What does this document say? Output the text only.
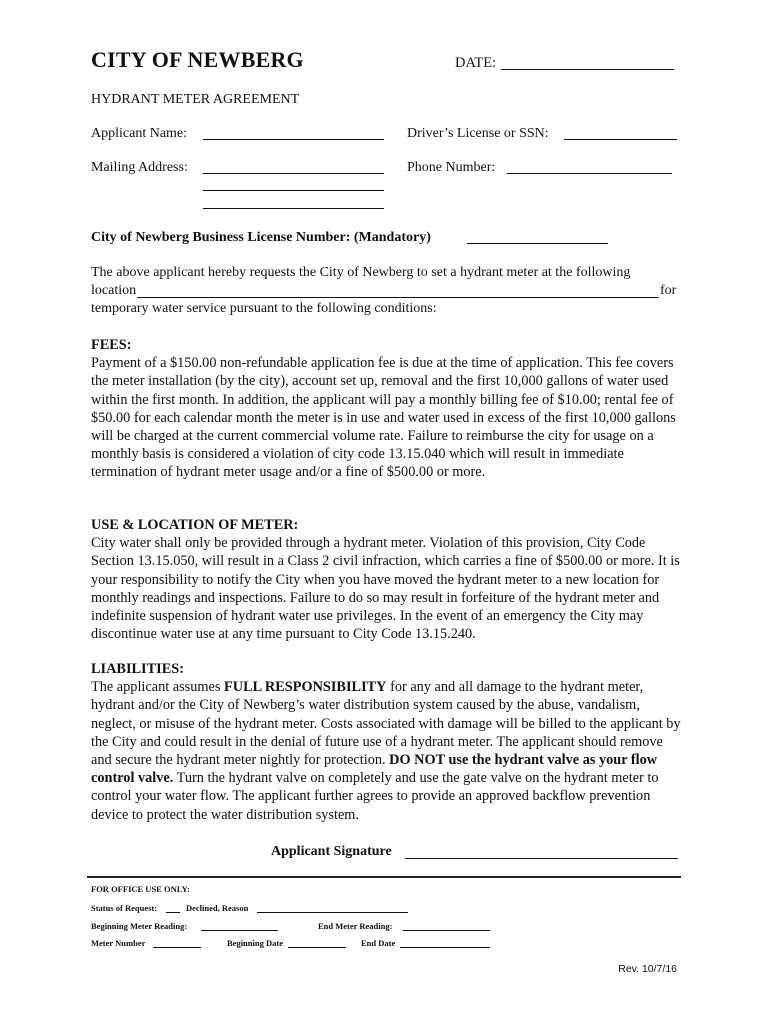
CITY OF NEWBERG	DATE:
HYDRANT METER AGREEMENT
Applicant Name:	Driver’s License or SSN:
Mailing Address:	Phone Number:
City of Newberg Business License Number: (Mandatory)
The above applicant hereby requests the City of Newberg to set a hydrant meter at the following
location	for
temporary water service pursuant to the following conditions:

FEES:

Payment of a $150.00 non-refundable application fee is due at the time of application. This fee covers the meter installation (by the city), account set up, removal and the first 10,000 gallons of water used within the first month. In addition, the applicant will pay a monthly billing fee of $10.00; rental fee of $50.00 for each calendar month the meter is in use and water used in excess of the first 10,000 gallons will be charged at the current commercial volume rate. Failure to reimburse the city for usage on a monthly basis is considered a violation of city code 13.15.040 which will result in immediate termination of hydrant meter usage and/or a fine of $500.00 or more.

USE & LOCATION OF METER:

City water shall only be provided through a hydrant meter. Violation of this provision, City Code Section 13.15.050, will result in a Class 2 civil infraction, which carries a fine of $500.00 or more. It is your responsibility to notify the City when you have moved the hydrant meter to a new location for monthly readings and inspections. Failure to do so may result in forfeiture of the hydrant meter and indefinite suspension of hydrant water use privileges. In the event of an emergency the City may discontinue water use at any time pursuant to City Code 13.15.240.

LIABILITIES:

The applicant assumes FULL RESPONSIBILITY for any and all damage to the hydrant meter, hydrant and/or the City of Newberg’s water distribution system caused by the abuse, vandalism, neglect, or misuse of the hydrant meter. Costs associated with damage will be billed to the applicant by the City and could result in the denial of future use of a hydrant meter. The applicant should remove and secure the hydrant meter nightly for protection. DO NOT use the hydrant valve as your flow control valve. Turn the hydrant valve on completely and use the gate valve on the hydrant meter to control your water flow. The applicant further agrees to provide an approved backflow prevention device to protect the water distribution system.

Applicant Signature
FOR OFFICE USE ONLY:
Status of Request:	Declined, Reason
Beginning Meter Reading:	End Meter Reading:
Meter Number	Beginning Date	End Date
Rev. 10/7/16
